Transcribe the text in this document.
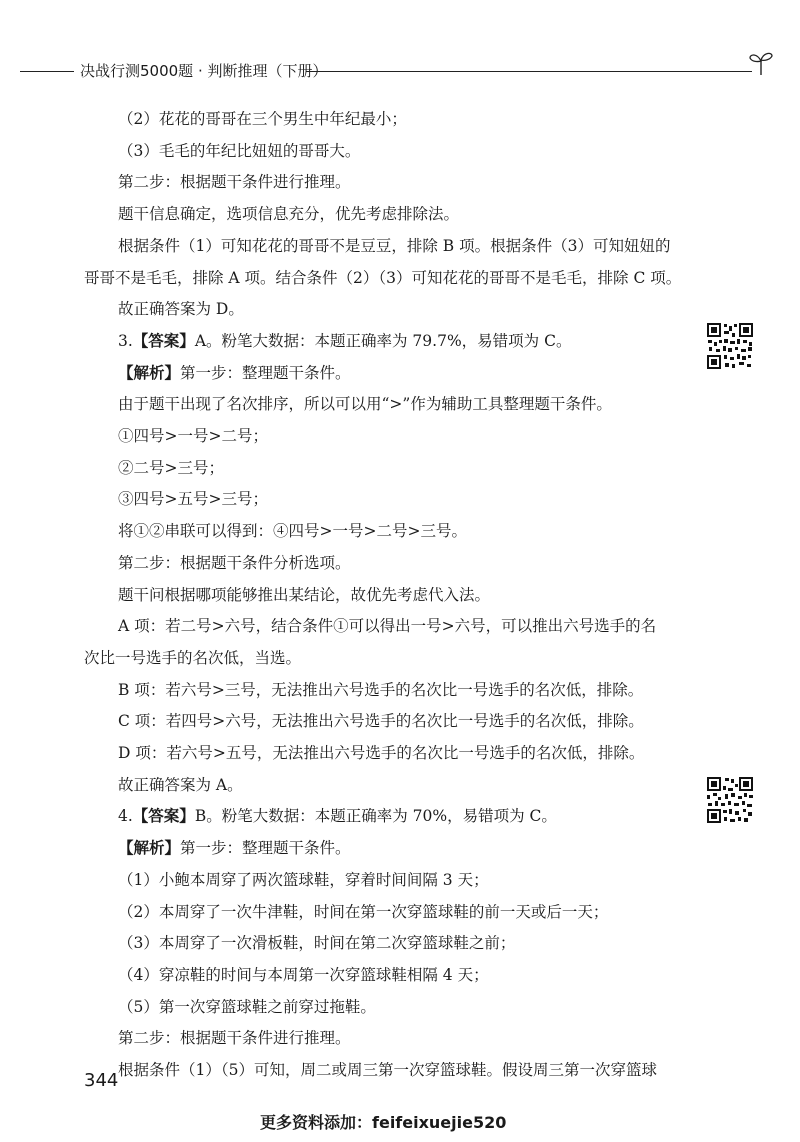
决战行测5000题 · 判断推理（下册）
（2）花花的哥哥在三个男生中年纪最小；
（3）毛毛的年纪比妞妞的哥哥大。
第二步：根据题干条件进行推理。
题干信息确定，选项信息充分，优先考虑排除法。
根据条件（1）可知花花的哥哥不是豆豆，排除 B 项。根据条件（3）可知妞妞的
哥哥不是毛毛，排除 A 项。结合条件（2）（3）可知花花的哥哥不是毛毛，排除 C 项。
故正确答案为 D。
3.【答案】A。粉笔大数据：本题正确率为 79.7%，易错项为 C。
【解析】第一步：整理题干条件。
由于题干出现了名次排序，所以可以用“>”作为辅助工具整理题干条件。
①四号>一号>二号；
②二号>三号；
③四号>五号>三号；
将①②串联可以得到：④四号>一号>二号>三号。
第二步：根据题干条件分析选项。
题干问根据哪项能够推出某结论，故优先考虑代入法。
A 项：若二号>六号，结合条件①可以得出一号>六号，可以推出六号选手的名
次比一号选手的名次低，当选。
B 项：若六号>三号，无法推出六号选手的名次比一号选手的名次低，排除。
C 项：若四号>六号，无法推出六号选手的名次比一号选手的名次低，排除。
D 项：若六号>五号，无法推出六号选手的名次比一号选手的名次低，排除。
故正确答案为 A。
4.【答案】B。粉笔大数据：本题正确率为 70%，易错项为 C。
【解析】第一步：整理题干条件。
（1）小鲍本周穿了两次篮球鞋，穿着时间间隔 3 天；
（2）本周穿了一次牛津鞋，时间在第一次穿篮球鞋的前一天或后一天；
（3）本周穿了一次滑板鞋，时间在第二次穿篮球鞋之前；
（4）穿凉鞋的时间与本周第一次穿篮球鞋相隔 4 天；
（5）第一次穿篮球鞋之前穿过拖鞋。
第二步：根据题干条件进行推理。
根据条件（1）（5）可知，周二或周三第一次穿篮球鞋。假设周三第一次穿篮球
344
更多资料添加：feifeixuejie520
